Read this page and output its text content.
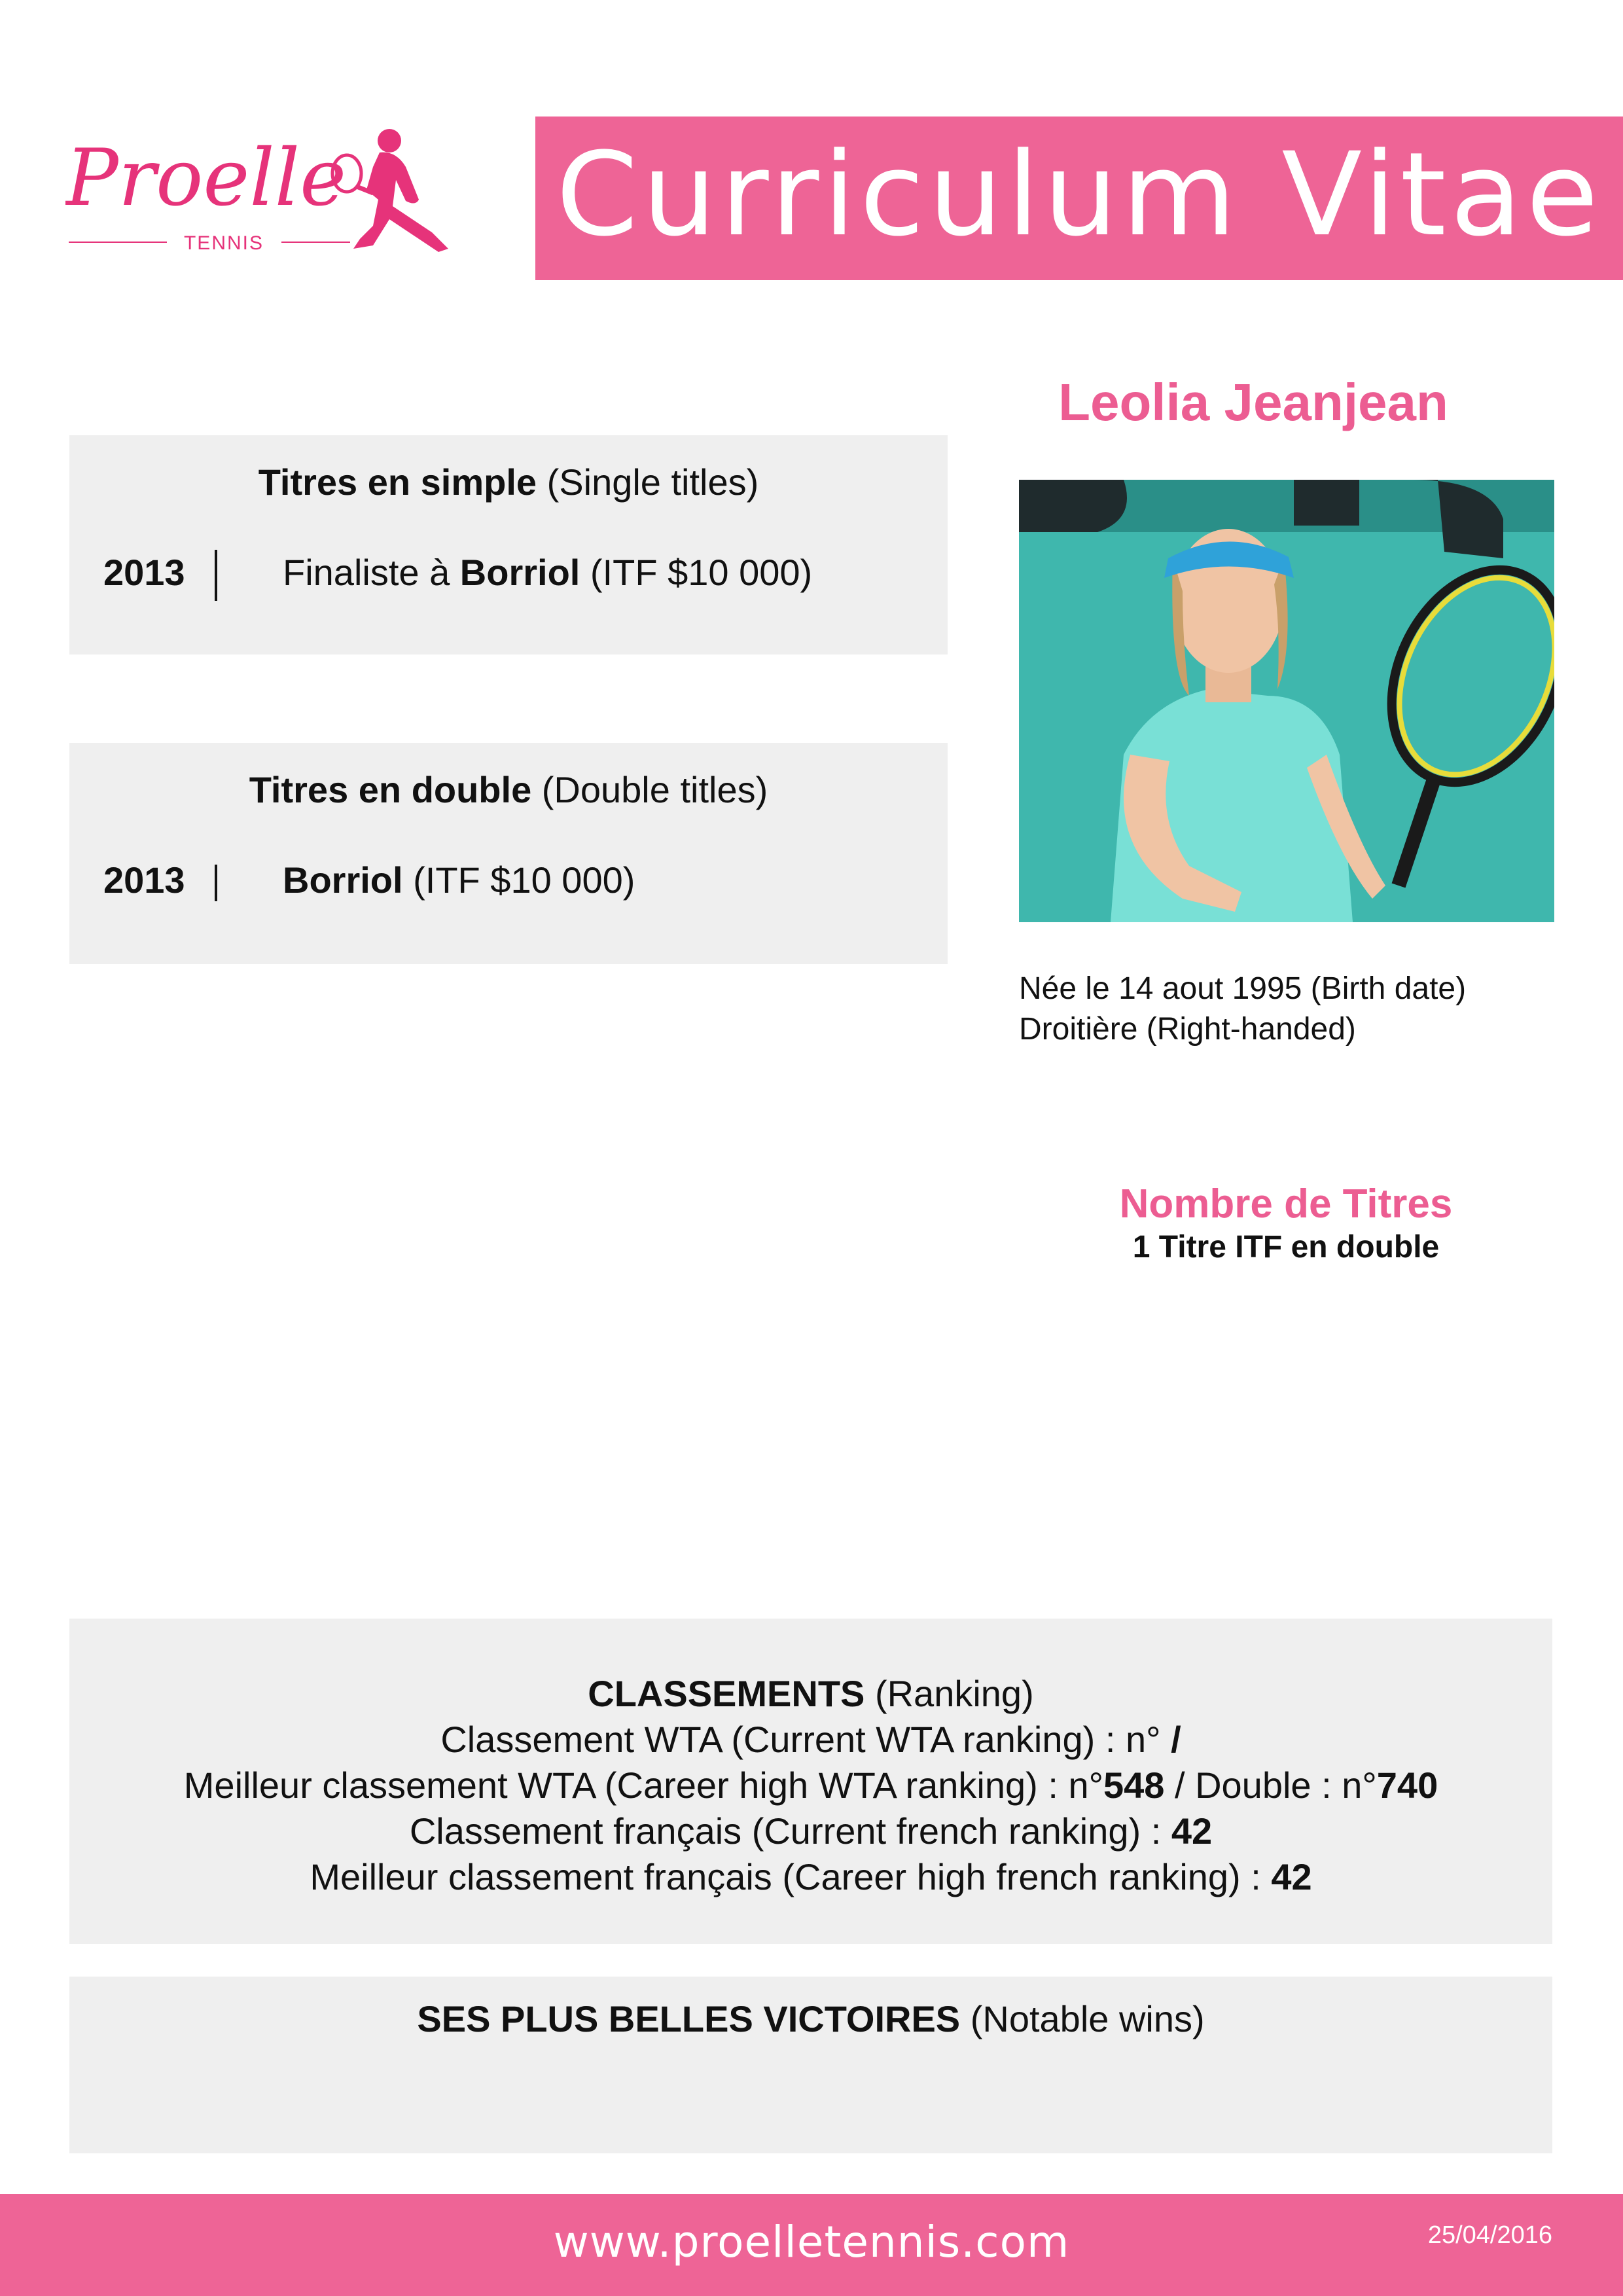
Proelle
TENNIS	Curriculum Vitae
Leolia Jeanjean
Née le 14 aout 1995 (Birth date)
Droitière (Right-handed)
Nombre de Titres
1 Titre ITF en double
Titres en simple (Single titles)
2013	Finaliste à Borriol (ITF $10 000)
Titres en double (Double titles)
2013	Borriol (ITF $10 000)
CLASSEMENTS (Ranking)
Classement WTA (Current WTA ranking) : n° /
Meilleur classement WTA (Career high WTA ranking) : n°548 / Double : n°740
Classement français (Current french ranking) : 42
Meilleur classement français (Career high french ranking) : 42
SES PLUS BELLES VICTOIRES (Notable wins)
www.proelletennis.com	25/04/2016
